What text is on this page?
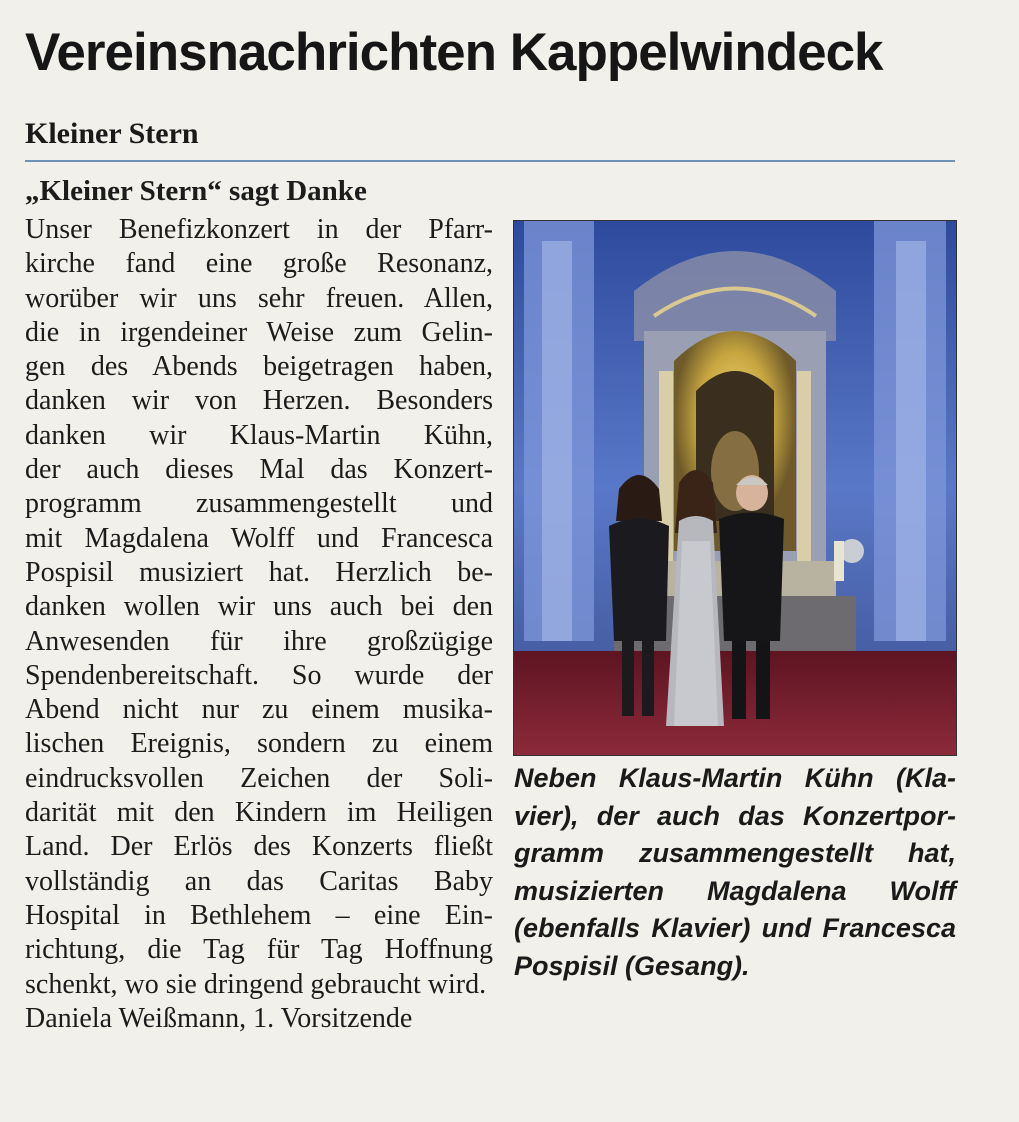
Vereinsnachrichten Kappelwindeck
Kleiner Stern
„Kleiner Stern“ sagt Danke
Unser Benefizkonzert in der Pfarr-
kirche fand eine große Resonanz,
worüber wir uns sehr freuen. Allen,
die in irgendeiner Weise zum Gelin-
gen des Abends beigetragen haben,
danken wir von Herzen. Besonders
danken wir Klaus-Martin Kühn,
der auch dieses Mal das Konzert-
programm zusammengestellt und
mit Magdalena Wolff und Francesca
Pospisil musiziert hat. Herzlich be-
danken wollen wir uns auch bei den
Anwesenden für ihre großzügige
Spendenbereitschaft. So wurde der
Abend nicht nur zu einem musika-
lischen Ereignis, sondern zu einem
eindrucksvollen Zeichen der Soli-
darität mit den Kindern im Heiligen
Land. Der Erlös des Konzerts fließt
vollständig an das Caritas Baby
Hospital in Bethlehem – eine Ein-
richtung, die Tag für Tag Hoffnung
schenkt, wo sie dringend gebraucht wird.
Daniela Weißmann, 1. Vorsitzende
Neben Klaus-Martin Kühn (Kla-
vier), der auch das Konzertpor-
gramm zusammengestellt hat,
musizierten Magdalena Wolff
(ebenfalls Klavier) und Francesca
Pospisil (Gesang).
